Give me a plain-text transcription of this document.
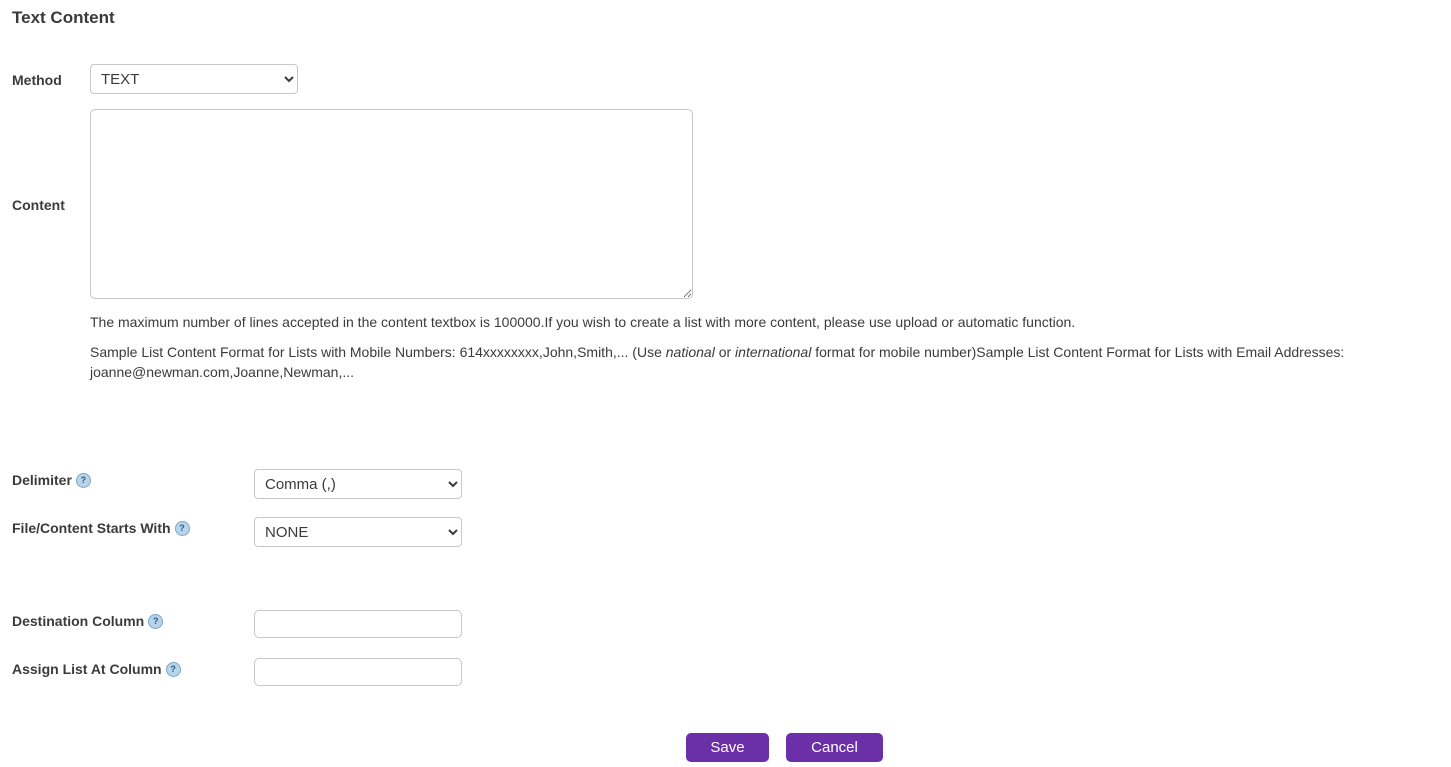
Text Content
Method
TEXT
Content
The maximum number of lines accepted in the content textbox is 100000.If you wish to create a list with more content, please use upload or automatic function.
Sample List Content Format for Lists with Mobile Numbers: 614xxxxxxxx,John,Smith,... (Use national or international format for mobile number)Sample List Content Format for Lists with Email Addresses: joanne@newman.com,Joanne,Newman,...
Delimiter ?
Comma (,)
File/Content Starts With ?
NONE
Destination Column ?
Assign List At Column ?
Save	Cancel
